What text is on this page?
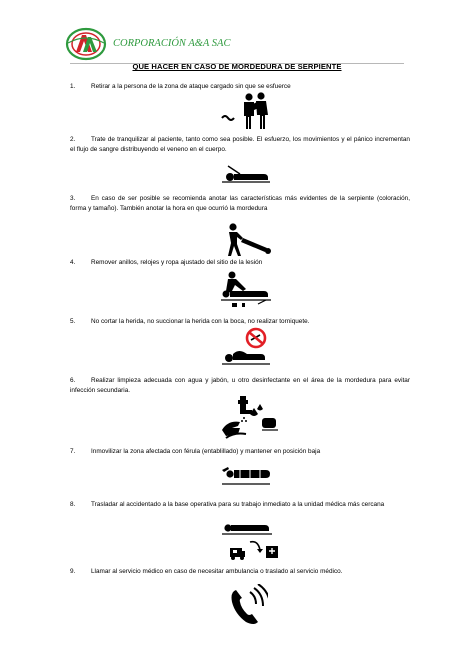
CORPORACIÓN A&A SAC
QUE HACER EN CASO DE MORDEDURA DE SERPIENTE
1. Retirar a la persona de la zona de ataque cargado sin que se esfuerce
2. Trate de tranquilizar al paciente, tanto como sea posible. El esfuerzo, los movimientos y el pánico incrementan el flujo de sangre distribuyendo el veneno en el cuerpo.
3. En caso de ser posible se recomienda anotar las características más evidentes de la serpiente (coloración, forma y tamaño). También anotar la hora en que ocurrió la mordedura
4. Remover anillos, relojes y ropa ajustado del sitio de la lesión
5. No cortar la herida, no succionar la herida con la boca, no realizar torniquete.
6. Realizar limpieza adecuada con agua y jabón, u otro desinfectante en el área de la mordedura para evitar infección secundaria.
7. Inmovilizar la zona afectada con férula (entablillado) y mantener en posición baja
8. Trasladar al accidentado a la base operativa para su trabajo inmediato a la unidad médica más cercana
9. Llamar al servicio médico en caso de necesitar ambulancia o traslado al servicio médico.
